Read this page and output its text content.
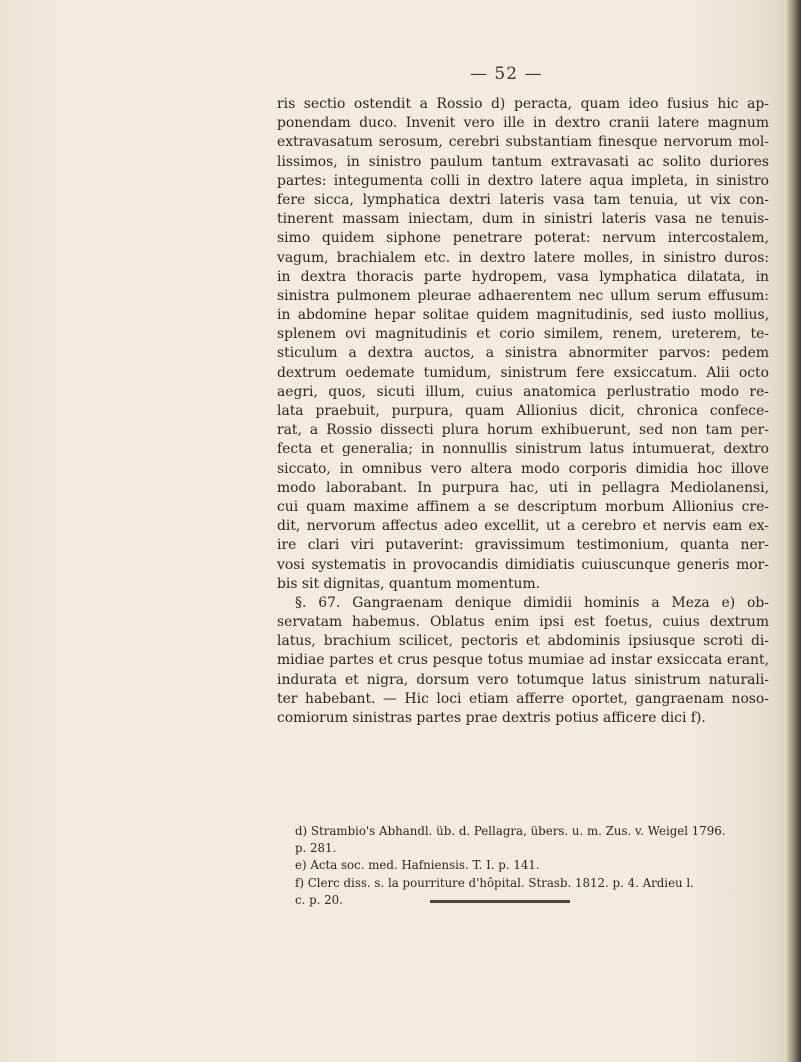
— 52 —
ris sectio ostendit a Rossio d) peracta, quam ideo fusius hic ap-
ponendam duco. Invenit vero ille in dextro cranii latere magnum
extravasatum serosum, cerebri substantiam finesque nervorum mol-
lissimos, in sinistro paulum tantum extravasati ac solito duriores
partes: integumenta colli in dextro latere aqua impleta, in sinistro
fere sicca, lymphatica dextri lateris vasa tam tenuia, ut vix con-
tinerent massam iniectam, dum in sinistri lateris vasa ne tenuis-
simo quidem siphone penetrare poterat: nervum intercostalem,
vagum, brachialem etc. in dextro latere molles, in sinistro duros:
in dextra thoracis parte hydropem, vasa lymphatica dilatata, in
sinistra pulmonem pleurae adhaerentem nec ullum serum effusum:
in abdomine hepar solitae quidem magnitudinis, sed iusto mollius,
splenem ovi magnitudinis et corio similem, renem, ureterem, te-
sticulum a dextra auctos, a sinistra abnormiter parvos: pedem
dextrum oedemate tumidum, sinistrum fere exsiccatum. Alii octo
aegri, quos, sicuti illum, cuius anatomica perlustratio modo re-
lata praebuit, purpura, quam Allionius dicit, chronica confece-
rat, a Rossio dissecti plura horum exhibuerunt, sed non tam per-
fecta et generalia; in nonnullis sinistrum latus intumuerat, dextro
siccato, in omnibus vero altera modo corporis dimidia hoc illove
modo laborabant. In purpura hac, uti in pellagra Mediolanensi,
cui quam maxime affinem a se descriptum morbum Allionius cre-
dit, nervorum affectus adeo excellit, ut a cerebro et nervis eam ex-
ire clari viri putaverint: gravissimum testimonium, quanta ner-
vosi systematis in provocandis dimidiatis cuiuscunque generis mor-
bis sit dignitas, quantum momentum.
§. 67. Gangraenam denique dimidii hominis a Meza e) ob-
servatam habemus. Oblatus enim ipsi est foetus, cuius dextrum
latus, brachium scilicet, pectoris et abdominis ipsiusque scroti di-
midiae partes et crus pesque totus mumiae ad instar exsiccata erant,
indurata et nigra, dorsum vero totumque latus sinistrum naturali-
ter habebant. — Hic loci etiam afferre oportet, gangraenam noso-
comiorum sinistras partes prae dextris potius afficere dici f).
d) Strambio's Abhandl. üb. d. Pellagra, übers. u. m. Zus. v. Weigel 1796.
p. 281.
e) Acta soc. med. Hafniensis. T. I. p. 141.
f) Clerc diss. s. la pourriture d'hôpital. Strasb. 1812. p. 4. Ardieu l.
c. p. 20.
